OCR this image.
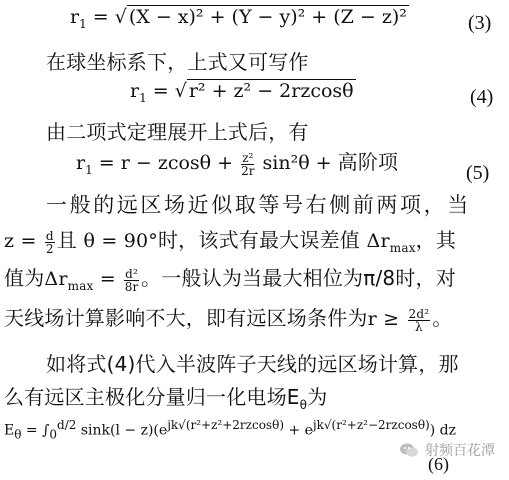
$r_1$ = √ (X − x)² + (Y − y)² + (Z − z)²	(3)
在球坐标系下，上式又可写作
$r_1$ = √ r² + z² − 2rzcosθ	(4)
由二项式定理展开上式后，有
$r_1 = r - zcos\theta + \frac{\text{z²}}{2r} \sin^2\theta$ + 高阶项	(5)
一般的远区场近似取等号右侧前两项，当
$z = \frac{d}{2}$ 且 θ = 90°时，该式有最大误差值 $\Delta r_{max}$，其
值为$\Delta r_{max} = \frac{\text{d²}}{8r}$ 。一般认为当最大相位为π/8时，对
天线场计算影响不大，即有远区场条件为$r \ge \frac{\text{2d²}}{\lambda}$ 。
如将式(4)代入半波阵子天线的远区场计算，那
么有远区主极化分量归一化电场$E_\theta$为
$E_\theta = \int_0^{d/2}$ $\sin k(l - z)(e^{jk√(r^2+z^2+2rzcos\theta)} + e^{jk√(r^2+z^2-2rzcos\theta)})$ dz
(6)
射频百花潭
